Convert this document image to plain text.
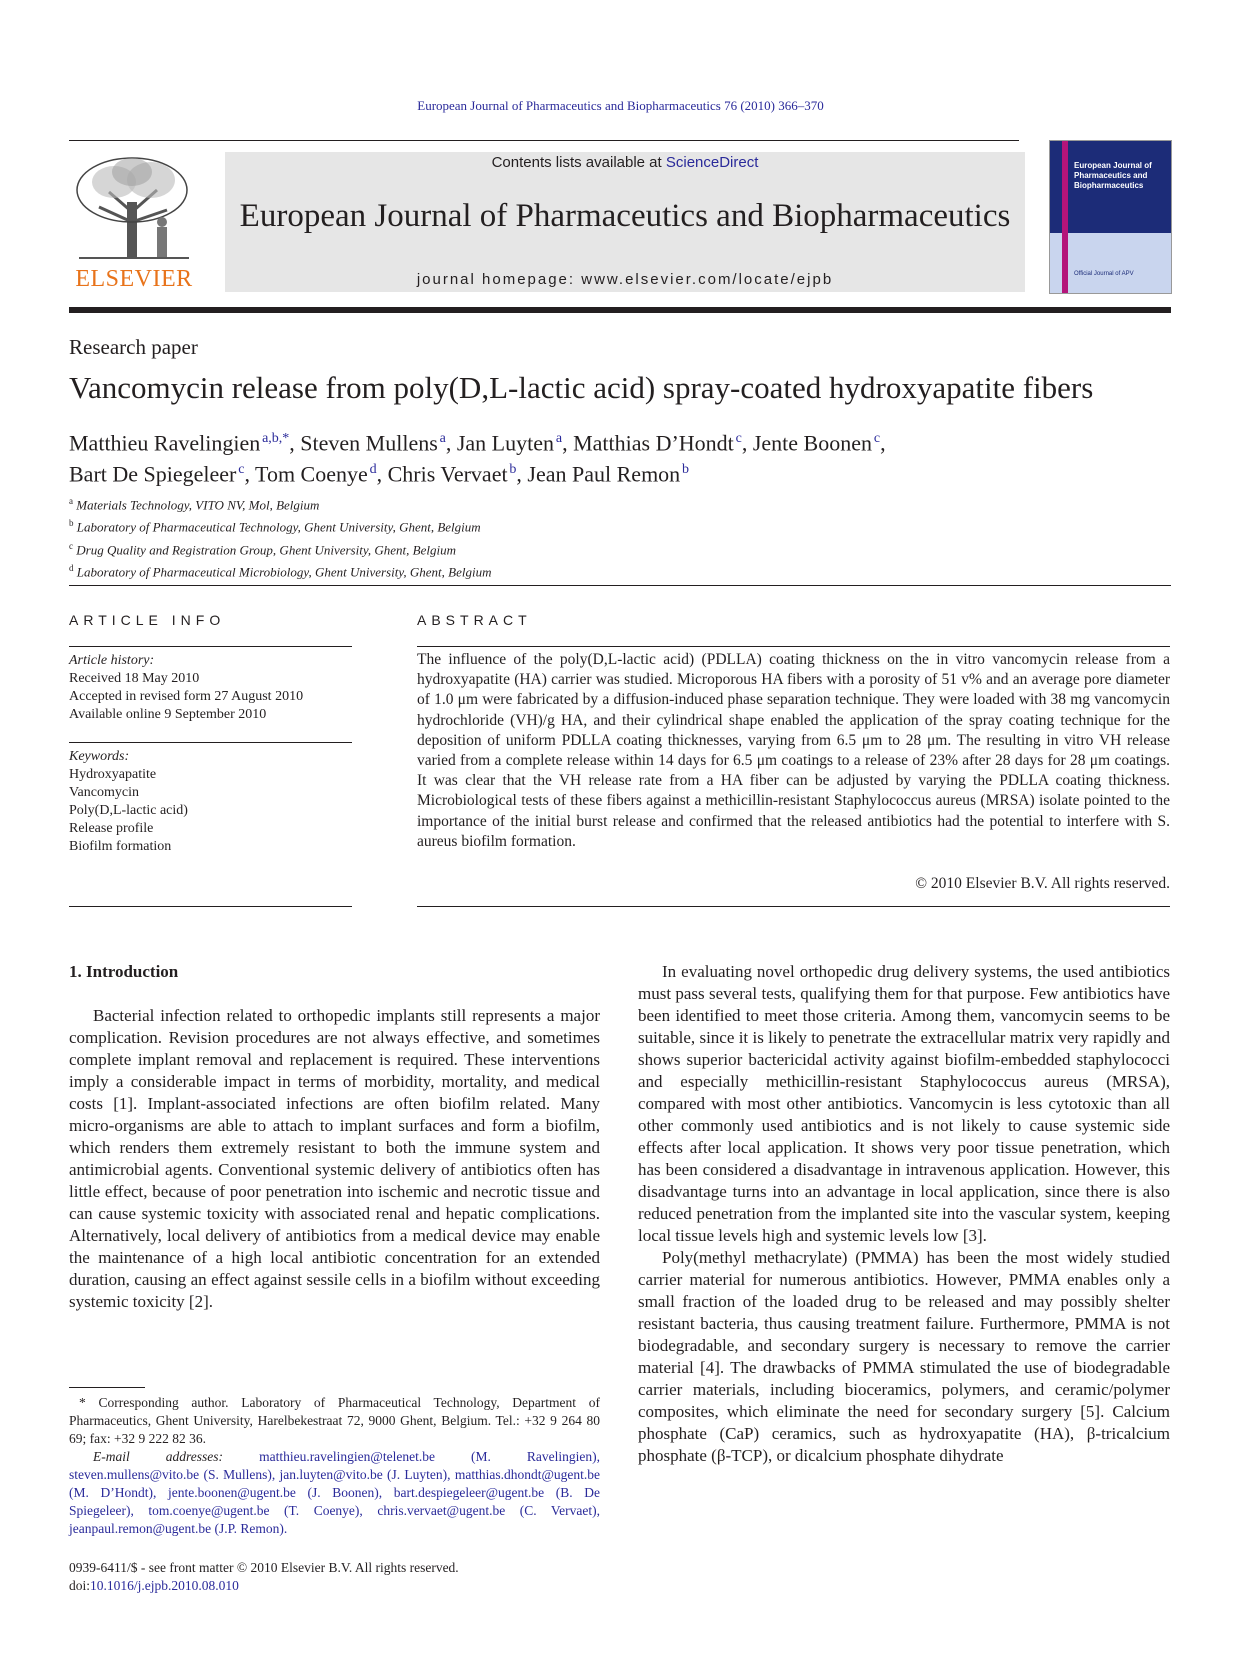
European Journal of Pharmaceutics and Biopharmaceutics 76 (2010) 366–370
ELSEVIER
Contents lists available at ScienceDirect
European Journal of Pharmaceutics and Biopharmaceutics
journal homepage: www.elsevier.com/locate/ejpb
European Journal of Pharmaceutics and Biopharmaceutics
Official Journal of APV
Research paper
Vancomycin release from poly(D,L-lactic acid) spray-coated hydroxyapatite fibers
Matthieu Ravelingien  $^{a,b,*}$, Steven Mullens  $^a$, Jan Luyten  $^a$, Matthias D’Hondt  $^c$, Jente Boonen  $^c$,
Bart De Spiegeleer  $^c$, Tom Coenye  $^d$, Chris Vervaet  $^b$, Jean Paul Remon  $^b$
$^a$ Materials Technology, VITO NV, Mol, Belgium
$^b$ Laboratory of Pharmaceutical Technology, Ghent University, Ghent, Belgium
$^c$ Drug Quality and Registration Group, Ghent University, Ghent, Belgium
$^d$ Laboratory of Pharmaceutical Microbiology, Ghent University, Ghent, Belgium
ARTICLE INFO
Article history:
Received 18 May 2010
Accepted in revised form 27 August 2010
Available online 9 September 2010
Keywords:
Hydroxyapatite
Vancomycin
Poly(D,L-lactic acid)
Release profile
Biofilm formation
ABSTRACT
The influence of the poly(D,L-lactic acid) (PDLLA) coating thickness on the in vitro vancomycin release from a hydroxyapatite (HA) carrier was studied. Microporous HA fibers with a porosity of 51 v% and an average pore diameter of 1.0 μm were fabricated by a diffusion-induced phase separation technique. They were loaded with 38 mg vancomycin hydrochloride (VH)/g HA, and their cylindrical shape enabled the application of the spray coating technique for the deposition of uniform PDLLA coating thicknesses, varying from 6.5 μm to 28 μm. The resulting in vitro VH release varied from a complete release within 14 days for 6.5 μm coatings to a release of 23% after 28 days for 28 μm coatings. It was clear that the VH release rate from a HA fiber can be adjusted by varying the PDLLA coating thickness. Microbiological tests of these fibers against a methicillin-resistant Staphylococcus aureus (MRSA) isolate pointed to the importance of the initial burst release and confirmed that the released antibiotics had the potential to interfere with S. aureus biofilm formation.
© 2010 Elsevier B.V. All rights reserved.
1. Introduction

Bacterial infection related to orthopedic implants still represents a major complication. Revision procedures are not always effective, and sometimes complete implant removal and replacement is required. These interventions imply a considerable impact in terms of morbidity, mortality, and medical costs [1]. Implant-associated infections are often biofilm related. Many micro-organisms are able to attach to implant surfaces and form a biofilm, which renders them extremely resistant to both the immune system and antimicrobial agents. Conventional systemic delivery of antibiotics often has little effect, because of poor penetration into ischemic and necrotic tissue and can cause systemic toxicity with associated renal and hepatic complications. Alternatively, local delivery of antibiotics from a medical device may enable the maintenance of a high local antibiotic concentration for an extended duration, causing an effect against sessile cells in a biofilm without exceeding systemic toxicity [2].

In evaluating novel orthopedic drug delivery systems, the used antibiotics must pass several tests, qualifying them for that purpose. Few antibiotics have been identified to meet those criteria. Among them, vancomycin seems to be suitable, since it is likely to penetrate the extracellular matrix very rapidly and shows superior bactericidal activity against biofilm-embedded staphylococci and especially methicillin-resistant Staphylococcus aureus (MRSA), compared with most other antibiotics. Vancomycin is less cytotoxic than all other commonly used antibiotics and is not likely to cause systemic side effects after local application. It shows very poor tissue penetration, which has been considered a disadvantage in intravenous application. However, this disadvantage turns into an advantage in local application, since there is also reduced penetration from the implanted site into the vascular system, keeping local tissue levels high and systemic levels low [3].

Poly(methyl methacrylate) (PMMA) has been the most widely studied carrier material for numerous antibiotics. However, PMMA enables only a small fraction of the loaded drug to be released and may possibly shelter resistant bacteria, thus causing treatment failure. Furthermore, PMMA is not biodegradable, and secondary surgery is necessary to remove the carrier material [4]. The drawbacks of PMMA stimulated the use of biodegradable carrier materials, including bioceramics, polymers, and ceramic/polymer composites, which eliminate the need for secondary surgery [5]. Calcium phosphate (CaP) ceramics, such as hydroxyapatite (HA), β-tricalcium phosphate (β-TCP), or dicalcium phosphate dihydrate

* Corresponding author. Laboratory of Pharmaceutical Technology, Department of Pharmaceutics, Ghent University, Harelbekestraat 72, 9000 Ghent, Belgium. Tel.: +32 9 264 80 69; fax: +32 9 222 82 36.
E-mail addresses:	matthieu.ravelingien@telenet.be (M. Ravelingien), steven.mullens@vito.be (S. Mullens), jan.luyten@vito.be (J. Luyten), matthias.dhondt@ugent.be (M. D’Hondt), jente.boonen@ugent.be (J. Boonen), bart.despiegeleer@ugent.be (B. De Spiegeleer), tom.coenye@ugent.be (T. Coenye), chris.vervaet@ugent.be (C. Vervaet), jeanpaul.remon@ugent.be (J.P. Remon).
0939-6411/$ - see front matter © 2010 Elsevier B.V. All rights reserved.
doi:10.1016/j.ejpb.2010.08.010
